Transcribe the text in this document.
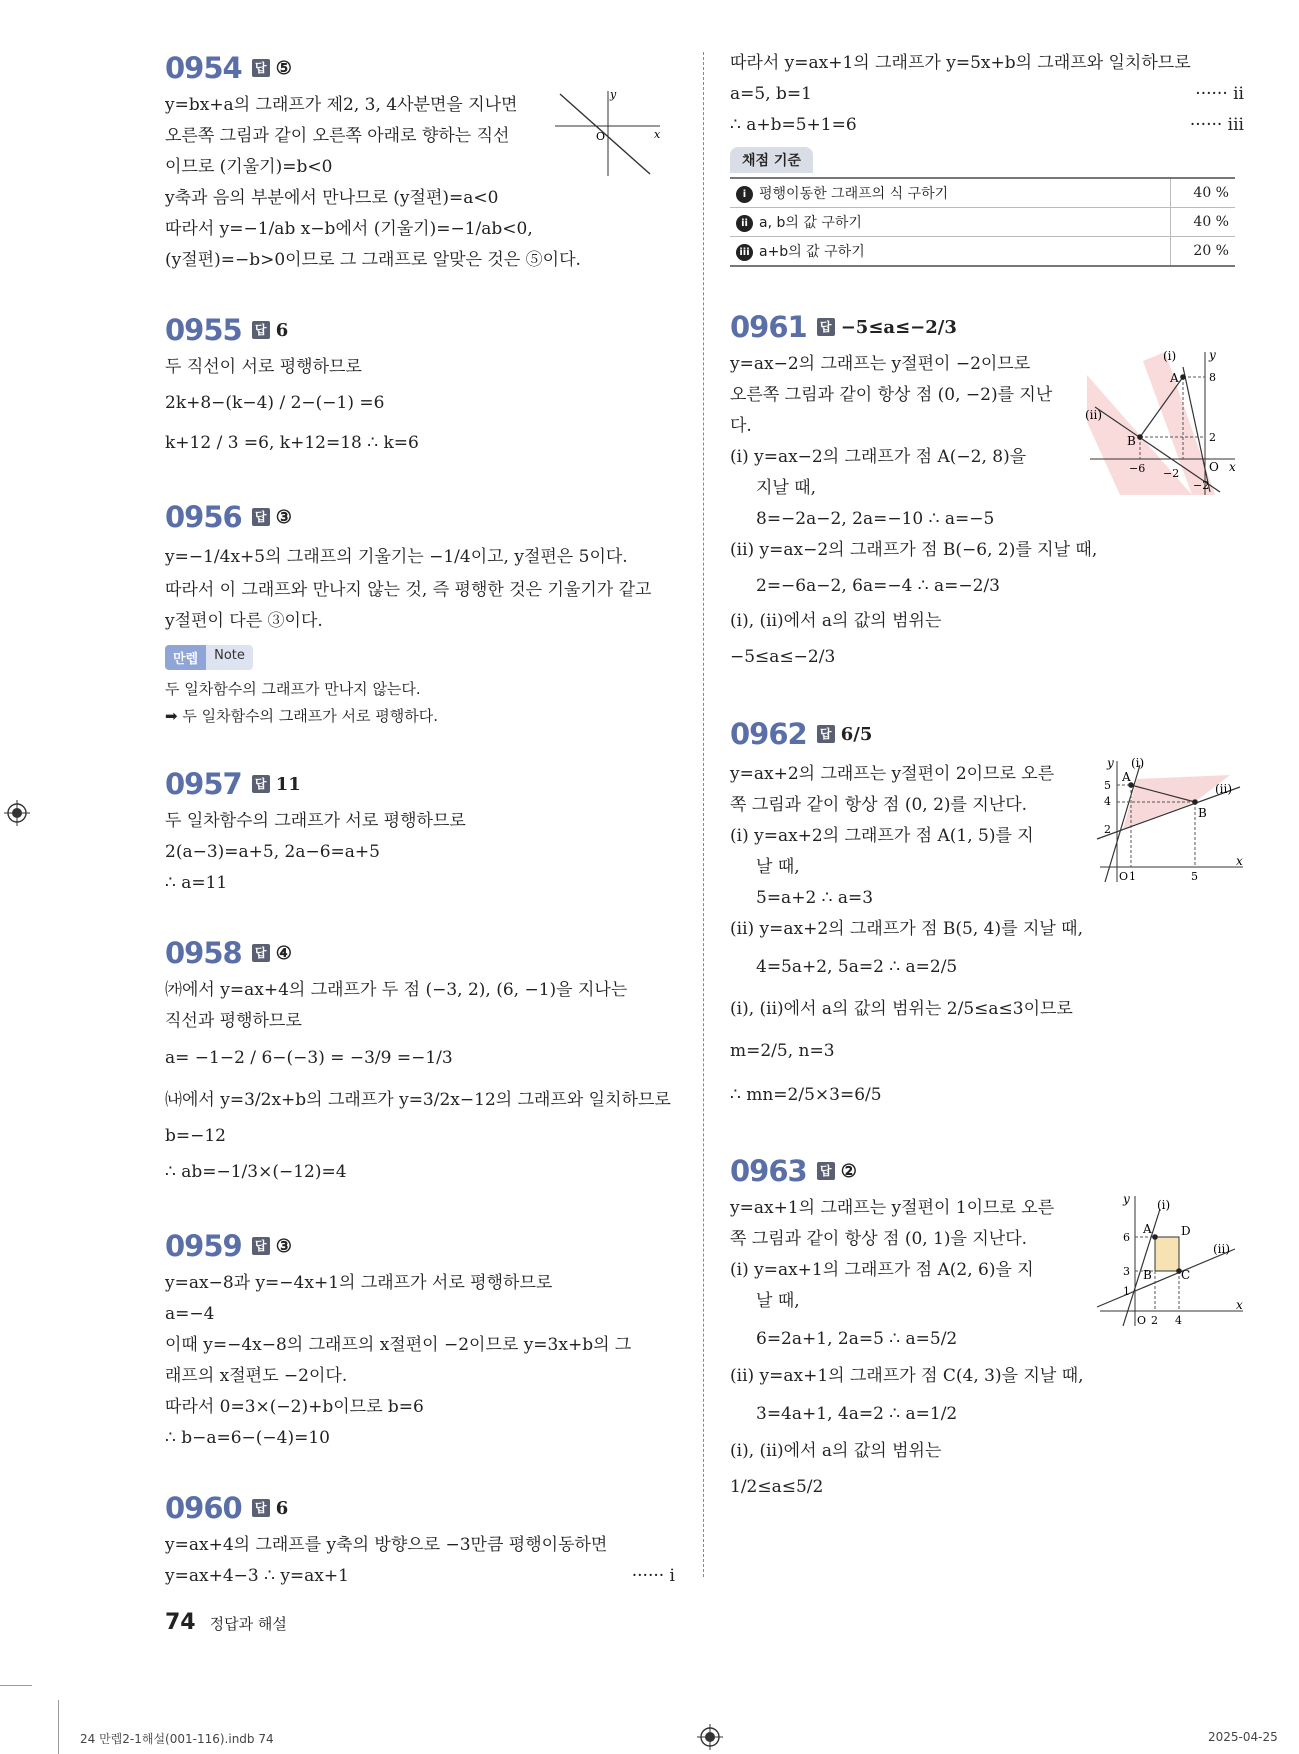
0954 답 ⑤
y=bx+a의 그래프가 제2, 3, 4사분면을 지나면
오른쪽 그림과 같이 오른쪽 아래로 향하는 직선
이므로 (기울기)=b<0
y축과 음의 부분에서 만나므로 (y절편)=a<0
따라서 y=−1/ab x−b에서 (기울기)=−1/ab<0,
(y절편)=−b>0이므로 그 그래프로 알맞은 것은 ⑤이다.
y
x
O
0955 답 6
두 직선이 서로 평행하므로
2k+8−(k−4) / 2−(−1) =6
k+12 / 3 =6, k+12=18 ∴ k=6
0956 답 ③
y=−1/4x+5의 그래프의 기울기는 −1/4이고, y절편은 5이다.
따라서 이 그래프와 만나지 않는 것, 즉 평행한 것은 기울기가 같고
y절편이 다른 ③이다.
만렙	Note
두 일차함수의 그래프가 만나지 않는다.
➡ 두 일차함수의 그래프가 서로 평행하다.
0957 답 11
두 일차함수의 그래프가 서로 평행하므로
2(a−3)=a+5, 2a−6=a+5
∴ a=11
0958 답 ④
㈎에서 y=ax+4의 그래프가 두 점 (−3, 2), (6, −1)을 지나는
직선과 평행하므로
a= −1−2 / 6−(−3) = −3/9 =−1/3
㈏에서 y=3/2x+b의 그래프가 y=3/2x−12의 그래프와 일치하므로
b=−12
∴ ab=−1/3×(−12)=4
0959 답 ③
y=ax−8과 y=−4x+1의 그래프가 서로 평행하므로
a=−4
이때 y=−4x−8의 그래프의 x절편이 −2이므로 y=3x+b의 그
래프의 x절편도 −2이다.
따라서 0=3×(−2)+b이므로 b=6
∴ b−a=6−(−4)=10
0960 답 6
y=ax+4의 그래프를 y축의 방향으로 −3만큼 평행이동하면
y=ax+4−3 ∴ y=ax+1	······ i
따라서 y=ax+1의 그래프가 y=5x+b의 그래프와 일치하므로
a=5, b=1	······ ii
∴ a+b=5+1=6	······ iii
채점 기준
i 평행이동한 그래프의 식 구하기	40 %
ii a, b의 값 구하기	40 %
iii a+b의 값 구하기	20 %
0961 답 −5≤a≤−2/3
y=ax−2의 그래프는 y절편이 −2이므로
오른쪽 그림과 같이 항상 점 (0, −2)를 지난
다.
(i) y=ax−2의 그래프가 점 A(−2, 8)을
지날 때,
8=−2a−2, 2a=−10 ∴ a=−5
(ii) y=ax−2의 그래프가 점 B(−6, 2)를 지날 때,
2=−6a−2, 6a=−4 ∴ a=−2/3
(i), (ii)에서 a의 값의 범위는
−5≤a≤−2/3
(i)
(ii)
y
x
A
B
O
8
2
−6 −2
−2
0962 답 6/5
y=ax+2의 그래프는 y절편이 2이므로 오른
쪽 그림과 같이 항상 점 (0, 2)를 지난다.
(i) y=ax+2의 그래프가 점 A(1, 5)를 지
날 때,
5=a+2 ∴ a=3
(ii) y=ax+2의 그래프가 점 B(5, 4)를 지날 때,
4=5a+2, 5a=2 ∴ a=2/5
(i), (ii)에서 a의 값의 범위는 2/5≤a≤3이므로
m=2/5, n=3
∴ mn=2/5×3=6/5
(i)
(ii)
y
x
A
B
O
5
4
2
1	5
0963 답 ②
y=ax+1의 그래프는 y절편이 1이므로 오른
쪽 그림과 같이 항상 점 (0, 1)을 지난다.
(i) y=ax+1의 그래프가 점 A(2, 6)을 지
날 때,
6=2a+1, 2a=5 ∴ a=5/2
(ii) y=ax+1의 그래프가 점 C(4, 3)을 지날 때,
3=4a+1, 4a=2 ∴ a=1/2
(i), (ii)에서 a의 값의 범위는
1/2≤a≤5/2
(i)
(ii)
y
x
A
B C
D
O
6
3
1
2 4
74 정답과 해설
24 만렙2-1해설(001-116).indb 74	2025-04-25
